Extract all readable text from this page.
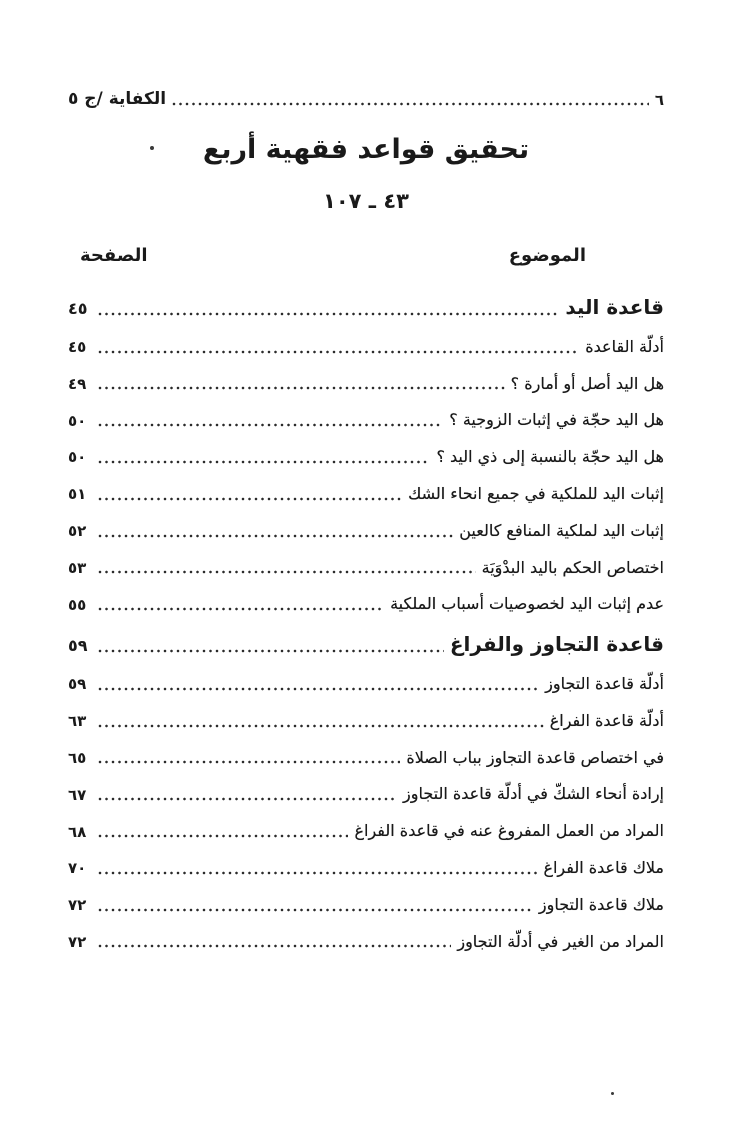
٦
الكفاية /ج ٥
تحقيق قواعد فقهية أربع
٤٣ ـ ١٠٧
الموضوع
الصفحة
قاعدة اليد
٤٥
أدلّة القاعدة
٤٥
هل اليد أصل أو أمارة ؟
٤٩
هل اليد حجّة في إثبات الزوجية ؟
٥٠
هل اليد حجّة بالنسبة إلى ذي اليد ؟
٥٠
إثبات اليد للملكية في جميع انحاء الشك
٥١
إثبات اليد لملكية المنافع كالعين
٥٢
اختصاص الحكم باليد البدْوَيَة
٥٣
عدم إثبات اليد لخصوصيات أسباب الملكية
٥٥
قاعدة التجاوز والفراغ
٥٩
أدلّة قاعدة التجاوز
٥٩
أدلّة قاعدة الفراغ
٦٣
في اختصاص قاعدة التجاوز بباب الصلاة
٦٥
إرادة أنحاء الشكّ في أدلّة قاعدة التجاوز
٦٧
المراد من العمل المفروغ عنه في قاعدة الفراغ
٦٨
ملاك قاعدة الفراغ
٧٠
ملاك قاعدة التجاوز
٧٢
المراد من الغير في أدلّة التجاوز
٧٢
